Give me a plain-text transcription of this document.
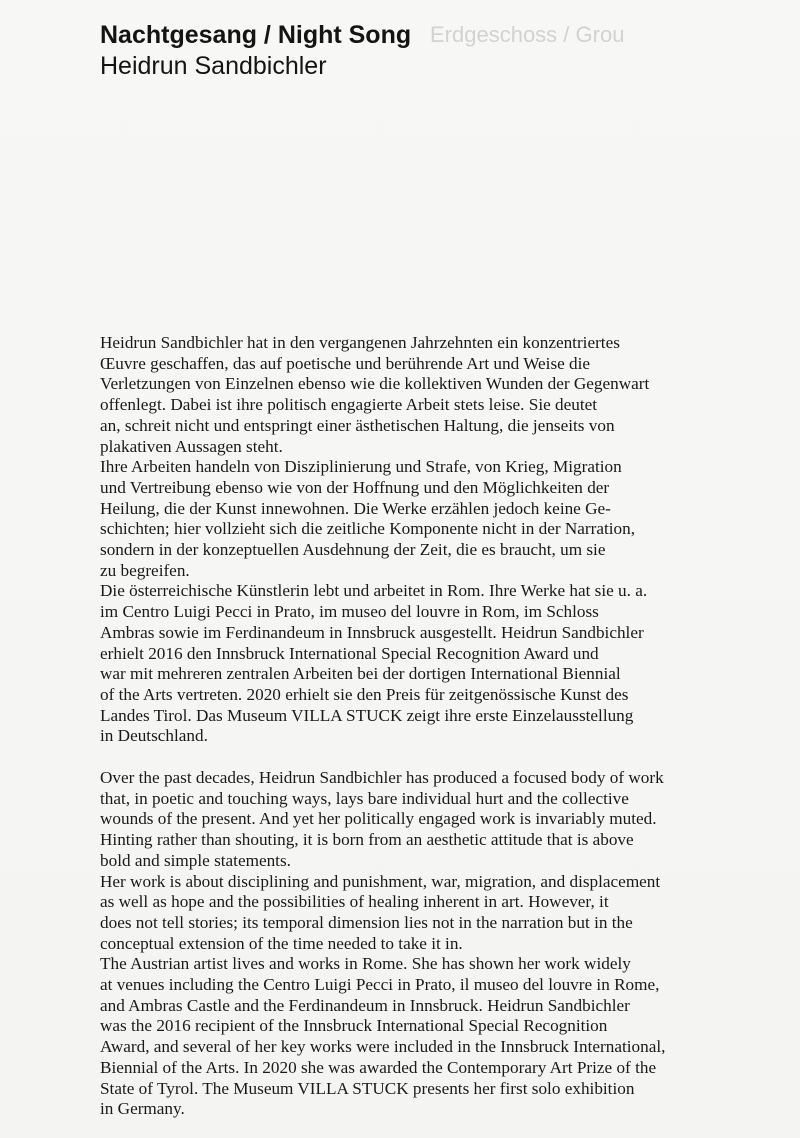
Erdgeschoss / Grou
Nachtgesang / Night Song
Heidrun Sandbichler

Heidrun Sandbichler hat in den vergangenen Jahrzehnten ein konzentriertes

Œuvre geschaffen, das auf poetische und berührende Art und Weise die

Verletzungen von Einzelnen ebenso wie die kollektiven Wunden der Gegenwart

offenlegt. Dabei ist ihre politisch engagierte Arbeit stets leise. Sie deutet

an, schreit nicht und entspringt einer ästhetischen Haltung, die jenseits von

plakativen Aussagen steht.

Ihre Arbeiten handeln von Disziplinierung und Strafe, von Krieg, Migration

und Vertreibung ebenso wie von der Hoffnung und den Möglichkeiten der

Heilung, die der Kunst innewohnen. Die Werke erzählen jedoch keine Ge-

schichten; hier vollzieht sich die zeitliche Komponente nicht in der Narration,

sondern in der konzeptuellen Ausdehnung der Zeit, die es braucht, um sie

zu begreifen.

Die österreichische Künstlerin lebt und arbeitet in Rom. Ihre Werke hat sie u. a.

im Centro Luigi Pecci in Prato, im museo del louvre in Rom, im Schloss

Ambras sowie im Ferdinandeum in Innsbruck ausgestellt. Heidrun Sandbichler

erhielt 2016 den Innsbruck International Special Recognition Award und

war mit mehreren zentralen Arbeiten bei der dortigen International Biennial

of the Arts vertreten. 2020 erhielt sie den Preis für zeitgenössische Kunst des

Landes Tirol. Das Museum VILLA STUCK zeigt ihre erste Einzelausstellung

in Deutschland.

Over the past decades, Heidrun Sandbichler has produced a focused body of work

that, in poetic and touching ways, lays bare individual hurt and the collective

wounds of the present. And yet her politically engaged work is invariably muted.

Hinting rather than shouting, it is born from an aesthetic attitude that is above

bold and simple statements.

Her work is about disciplining and punishment, war, migration, and displacement

as well as hope and the possibilities of healing inherent in art. However, it

does not tell stories; its temporal dimension lies not in the narration but in the

conceptual extension of the time needed to take it in.

The Austrian artist lives and works in Rome. She has shown her work widely

at venues including the Centro Luigi Pecci in Prato, il museo del louvre in Rome,

and Ambras Castle and the Ferdinandeum in Innsbruck. Heidrun Sandbichler

was the 2016 recipient of the Innsbruck International Special Recognition

Award, and several of her key works were included in the Innsbruck International,

Biennial of the Arts. In 2020 she was awarded the Contemporary Art Prize of the

State of Tyrol. The Museum VILLA STUCK presents her first solo exhibition

in Germany.
